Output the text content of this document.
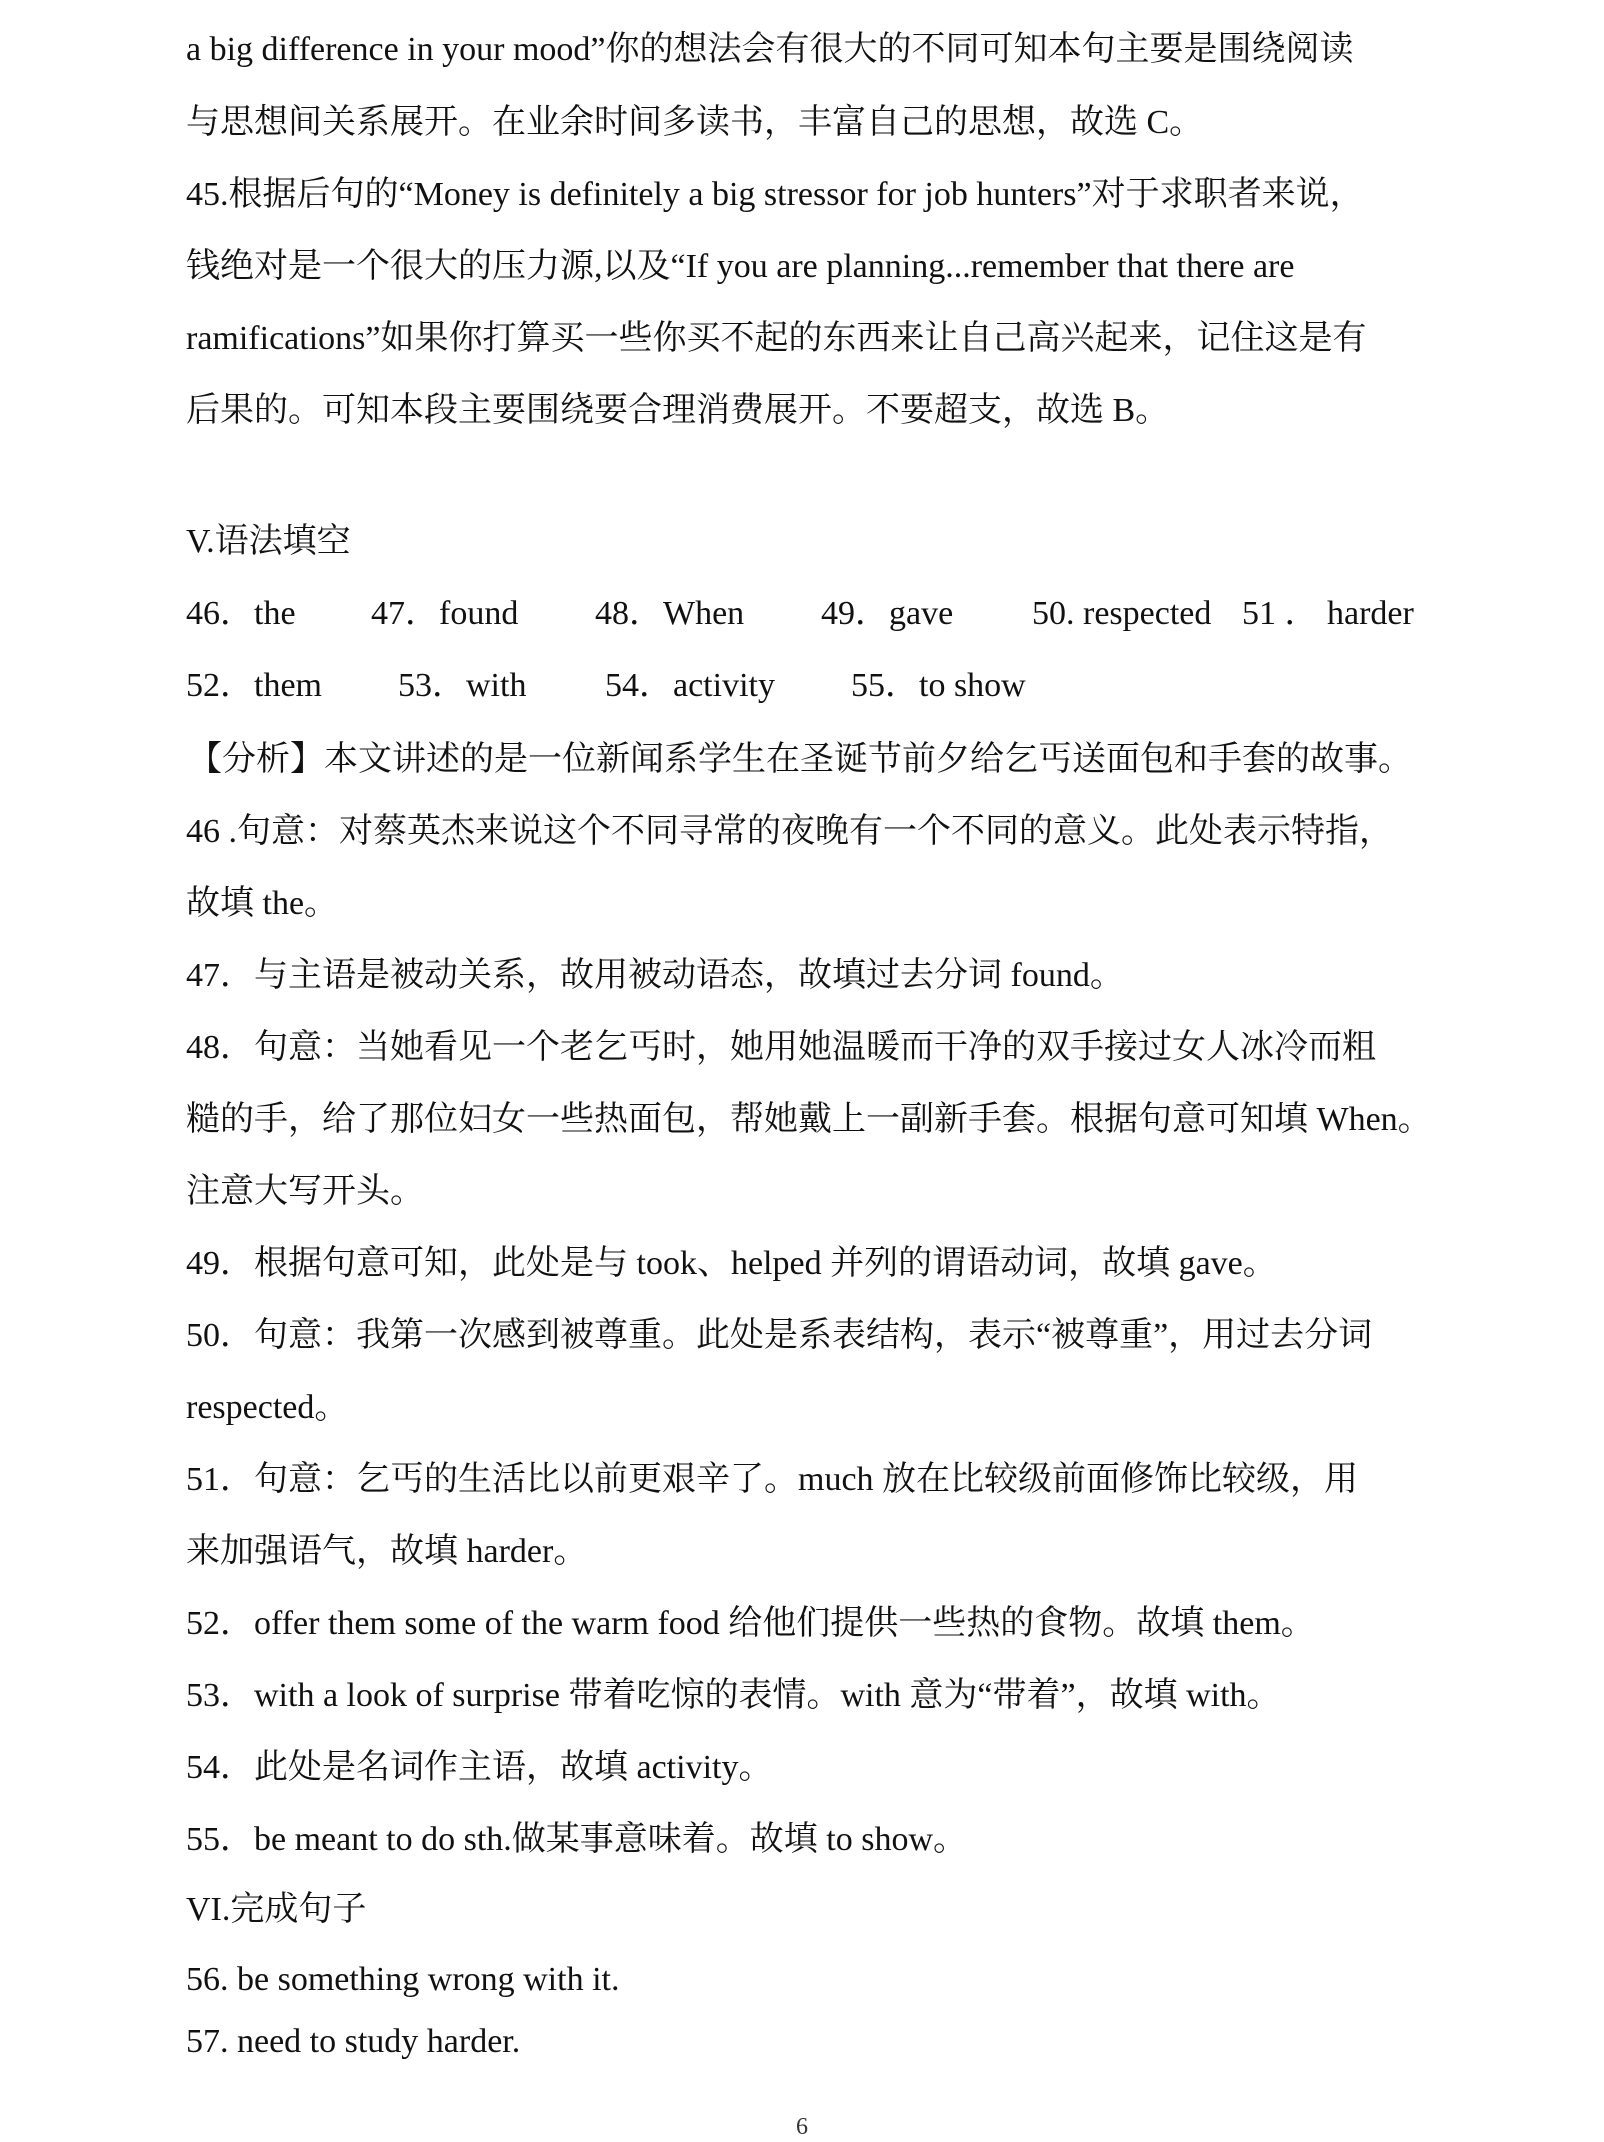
a big difference in your mood”你的想法会有很大的不同可知本句主要是围绕阅读
与思想间关系展开。在业余时间多读书，丰富自己的思想，故选 C。
45.根据后句的“Money is definitely a big stressor for job hunters”对于求职者来说，
钱绝对是一个很大的压力源,以及“If you are planning...remember that there are
ramifications”如果你打算买一些你买不起的东西来让自己高兴起来，记住这是有
后果的。可知本段主要围绕要合理消费展开。不要超支，故选 B。
V.语法填空
46．the 47．found 48．When 49．gave 50. respected 51 ． harder
52．them 53．with 54．activity 55．to show
【分析】本文讲述的是一位新闻系学生在圣诞节前夕给乞丐送面包和手套的故事。
46 .句意：对蔡英杰来说这个不同寻常的夜晚有一个不同的意义。此处表示特指，
故填 the。
47．与主语是被动关系，故用被动语态，故填过去分词 found。
48．句意：当她看见一个老乞丐时，她用她温暖而干净的双手接过女人冰冷而粗
糙的手，给了那位妇女一些热面包，帮她戴上一副新手套。根据句意可知填 When。
注意大写开头。
49．根据句意可知，此处是与 took、helped 并列的谓语动词，故填 gave。
50．句意：我第一次感到被尊重。此处是系表结构，表示“被尊重”，用过去分词
respected。
51．句意：乞丐的生活比以前更艰辛了。much 放在比较级前面修饰比较级，用
来加强语气，故填 harder。
52．offer them some of the warm food 给他们提供一些热的食物。故填 them。
53．with a look of surprise 带着吃惊的表情。with 意为“带着”，故填 with。
54．此处是名词作主语，故填 activity。
55．be meant to do sth.做某事意味着。故填 to show。
VI.完成句子
56. be something wrong with it.
57. need to study harder.
6
